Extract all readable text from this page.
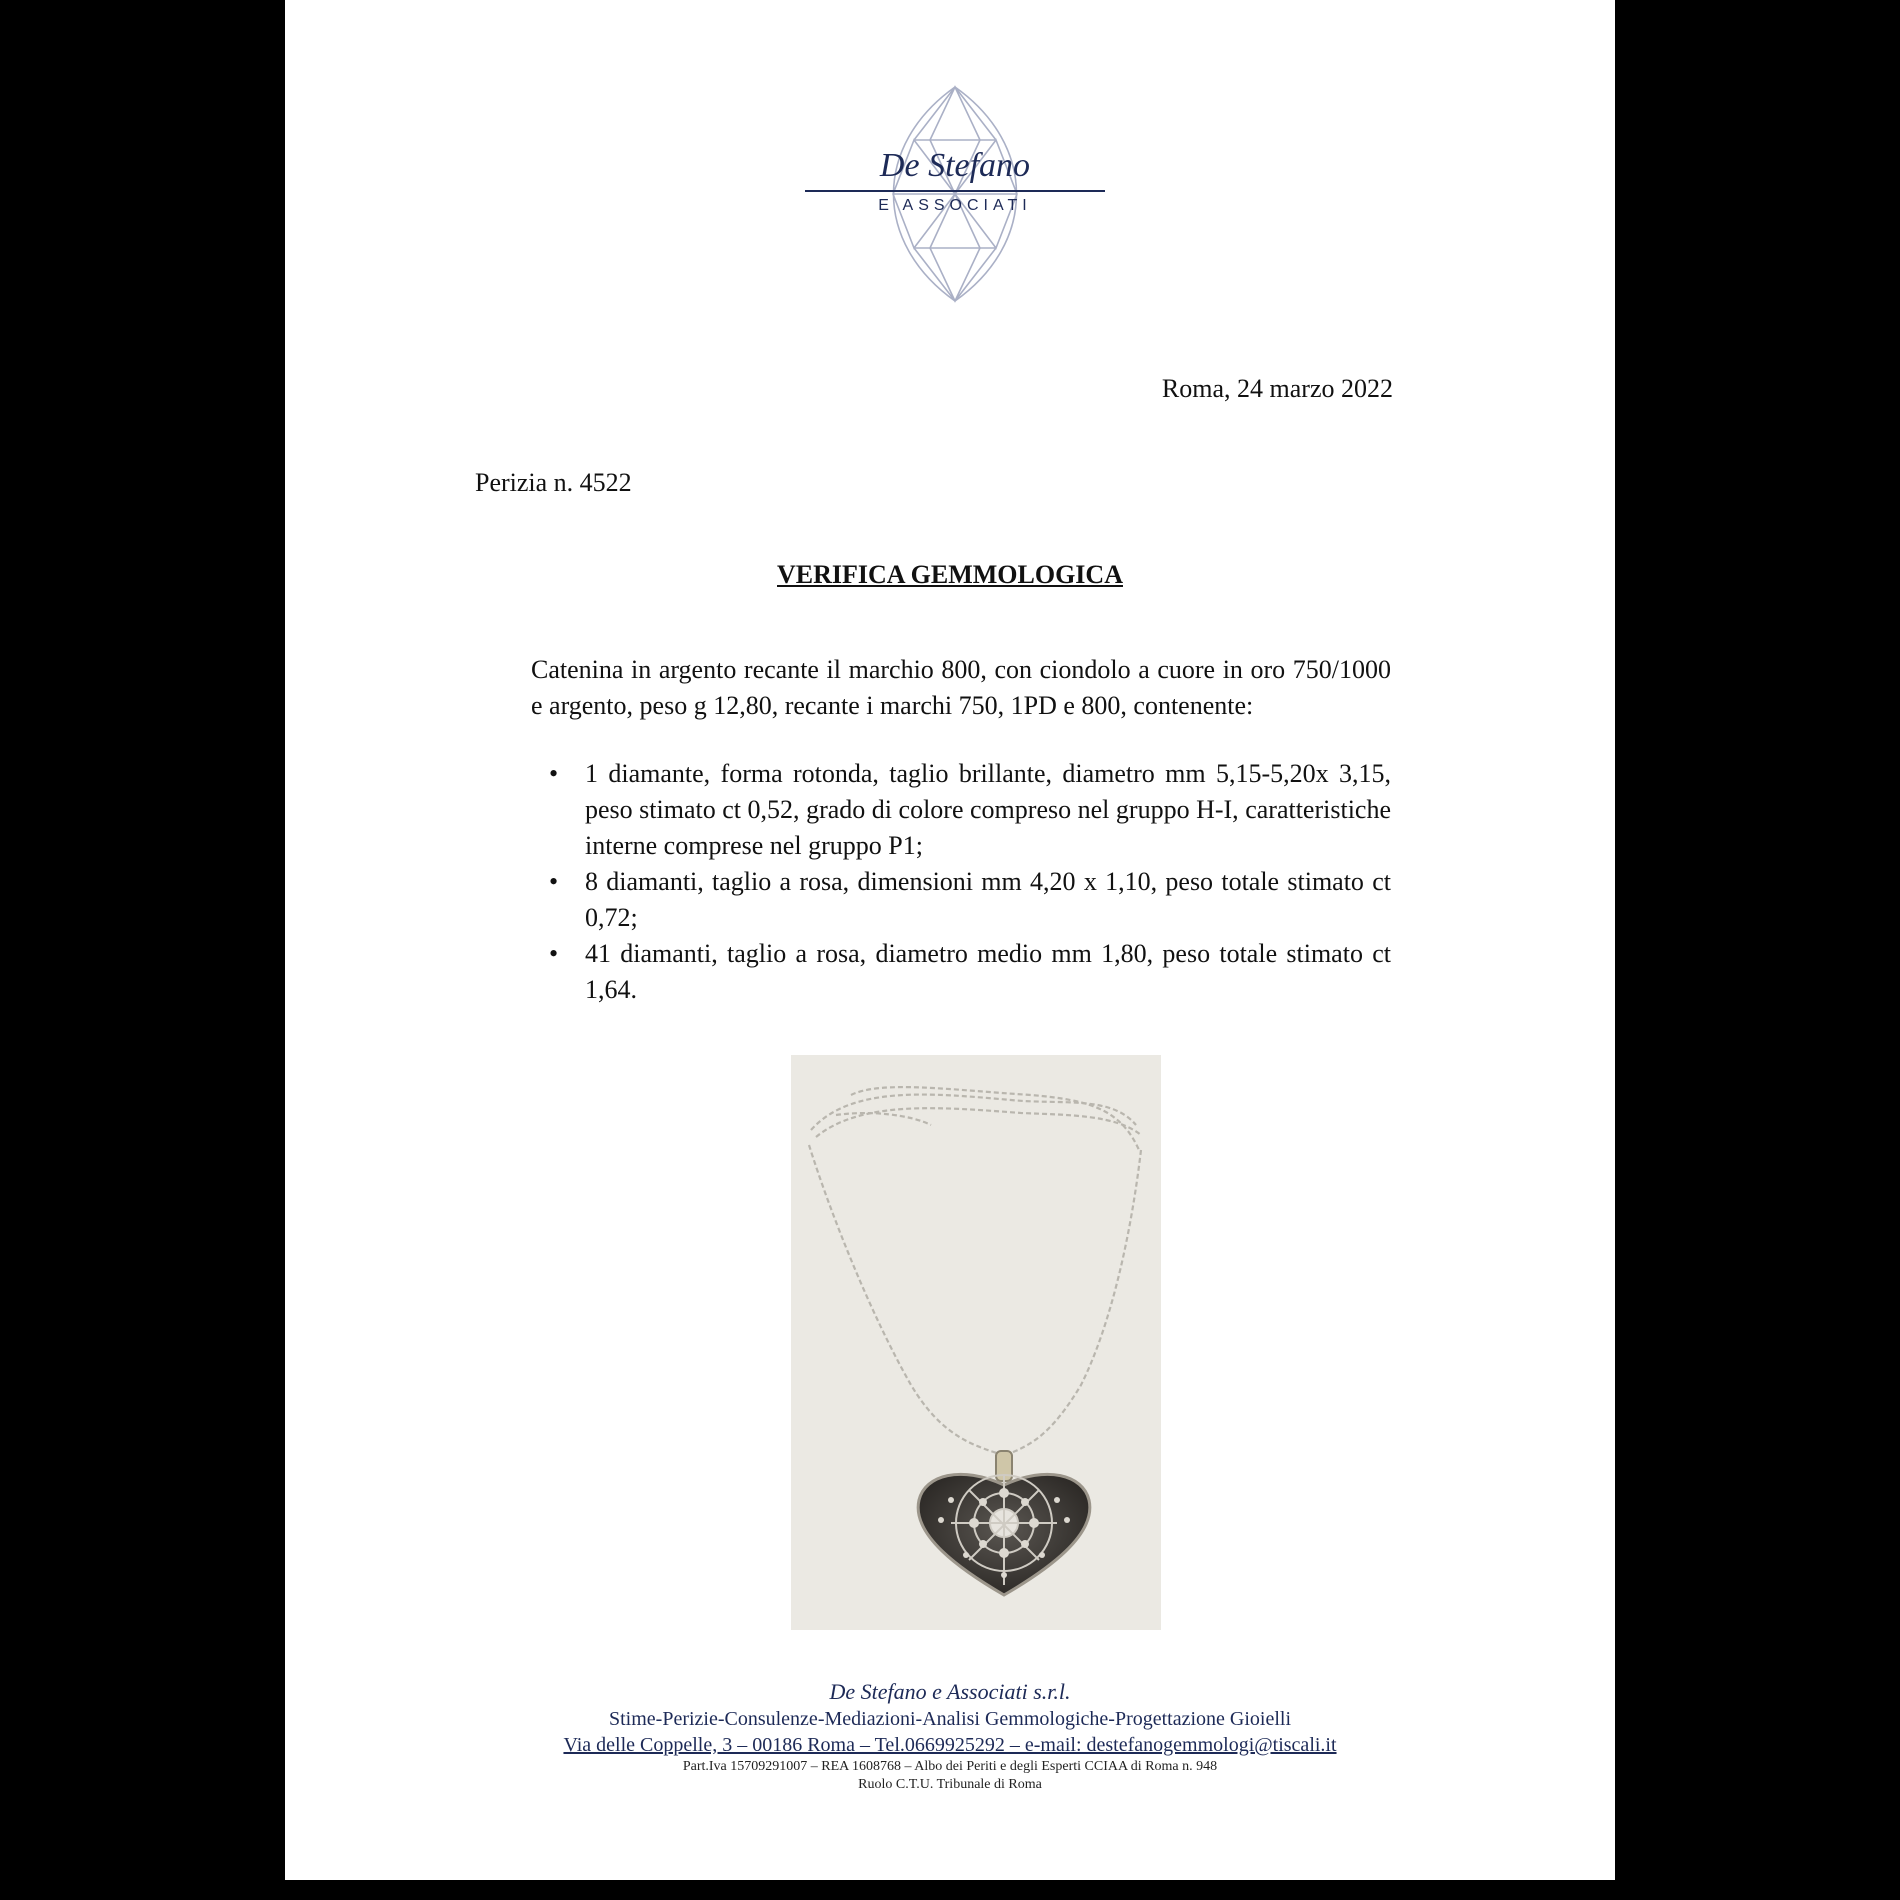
De Stefano
E ASSOCIATI
Roma, 24 marzo 2022
Perizia n. 4522
VERIFICA GEMMOLOGICA
Catenina in argento recante il marchio 800, con ciondolo a cuore in oro 750/1000 e argento, peso g 12,80, recante i marchi 750, 1PD e 800, contenente:
• 1 diamante, forma rotonda, taglio brillante, diametro mm 5,15-5,20x 3,15, peso stimato ct 0,52, grado di colore compreso nel gruppo H-I, caratteristiche interne comprese nel gruppo P1;
• 8 diamanti, taglio a rosa, dimensioni mm 4,20 x 1,10, peso totale stimato ct 0,72;
• 41 diamanti, taglio a rosa, diametro medio mm 1,80, peso totale stimato ct 1,64.
De Stefano e Associati s.r.l.
Stime-Perizie-Consulenze-Mediazioni-Analisi Gemmologiche-Progettazione Gioielli
Via delle Coppelle, 3 – 00186 Roma – Tel.0669925292 – e-mail: destefanogemmologi@tiscali.it
Part.Iva 15709291007 – REA 1608768 – Albo dei Periti e degli Esperti CCIAA di Roma n. 948
Ruolo C.T.U. Tribunale di Roma
